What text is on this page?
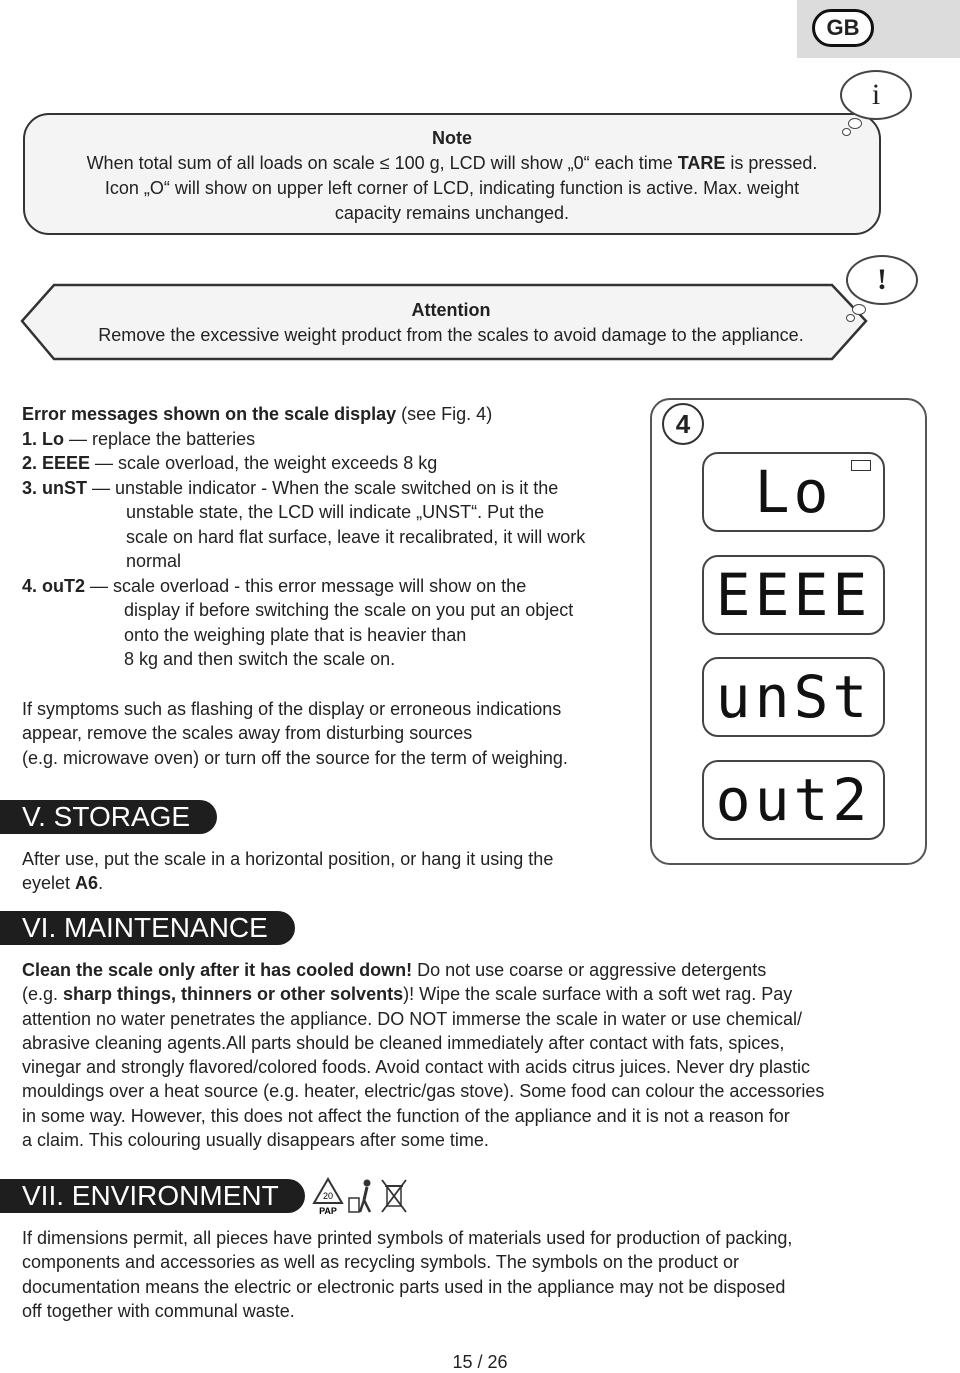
GB
Note
When total sum of all loads on scale ≤ 100 g, LCD will show „0“ each time TARE is pressed.
Icon „O“ will show on upper left corner of LCD, indicating function is active. Max. weight
capacity remains unchanged.
i
Attention
Remove the excessive weight product from the scales to avoid damage to the appliance.
!
Error messages shown on the scale display (see Fig. 4)
1. Lo — replace the batteries
2. EEEE — scale overload, the weight exceeds 8 kg
3. unST — unstable indicator - When the scale switched on is it the
unstable state, the LCD will indicate „UNST“. Put the
scale on hard flat surface, leave it recalibrated, it will work
normal
4. ouT2 — scale overload - this error message will show on the
display if before switching the scale on you put an object
onto the weighing plate that is heavier than
8 kg and then switch the scale on.
4
Lo
EEEE
unSt
out2
If symptoms such as flashing of the display or erroneous indications
appear, remove the scales away from disturbing sources
(e.g. microwave oven) or turn off the source for the term of weighing.
V. STORAGE
After use, put the scale in a horizontal position, or hang it using the
eyelet A6.
VI. MAINTENANCE
Clean the scale only after it has cooled down! Do not use coarse or aggressive detergents
(e.g. sharp things, thinners or other solvents)! Wipe the scale surface with a soft wet rag. Pay
attention no water penetrates the appliance. DO NOT immerse the scale in water or use chemical/
abrasive cleaning agents.All parts should be cleaned immediately after contact with fats, spices,
vinegar and strongly flavored/colored foods. Avoid contact with acids citrus juices. Never dry plastic
mouldings over a heat source (e.g. heater, electric/gas stove). Some food can colour the accessories
in some way. However, this does not affect the function of the appliance and it is not a reason for
a claim. This colouring usually disappears after some time.
VII. ENVIRONMENT	20
PAP
If dimensions permit, all pieces have printed symbols of materials used for production of packing,
components and accessories as well as recycling symbols. The symbols on the product or
documentation means the electric or electronic parts used in the appliance may not be disposed
off together with communal waste.
15 / 26
